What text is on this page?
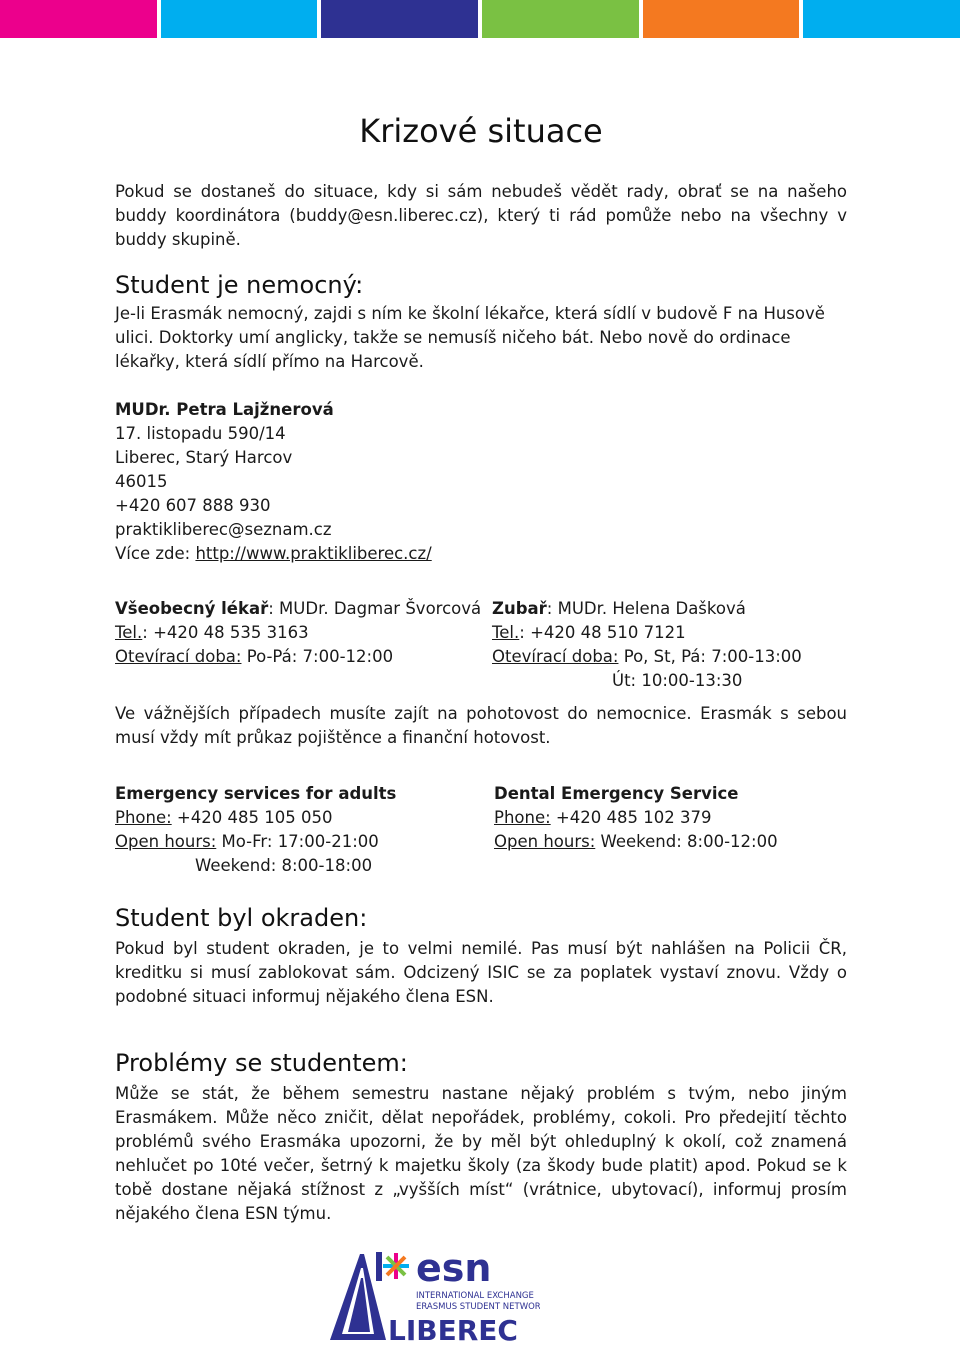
Krizové situace

Pokud se dostaneš do situace, kdy si sám nebudeš vědět rady, obrať se na našeho buddy koordinátora (buddy@esn.liberec.cz), který ti rád pomůže nebo na všechny v buddy skupině.

Student je nemocný:

Je-li Erasmák nemocný, zajdi s ním ke školní lékařce, která sídlí v budově F na Husově ulici. Doktorky umí anglicky, takže se nemusíš ničeho bát. Nebo nově do ordinace lékařky, která sídlí přímo na Harcově.

MUDr. Petra Lajžnerová
17. listopadu 590/14
Liberec, Starý Harcov
46015
+420 607 888 930
praktikliberec@seznam.cz
Více zde: http://www.praktikliberec.cz/
Všeobecný lékař: MUDr. Dagmar Švorcová
Tel.: +420 48 535 3163
Otevírací doba: Po-Pá: 7:00-12:00
Zubař: MUDr. Helena Dašková
Tel.: +420 48 510 7121
Otevírací doba: Po, St, Pá: 7:00-13:00
Út: 10:00-13:30

Ve vážnějších případech musíte zajít na pohotovost do nemocnice. Erasmák s sebou musí vždy mít průkaz pojištěnce a finanční hotovost.

Emergency services for adults
Phone: +420 485 105 050
Open hours: Mo-Fr: 17:00-21:00
Weekend: 8:00-18:00
Dental Emergency Service
Phone: +420 485 102 379
Open hours: Weekend: 8:00-12:00
Student byl okraden:

Pokud byl student okraden, je to velmi nemilé. Pas musí být nahlášen na Policii ČR, kreditku si musí zablokovat sám. Odcizený ISIC se za poplatek vystaví znovu. Vždy o podobné situaci informuj nějakého člena ESN.

Problémy se studentem:

Může se stát, že během semestru nastane nějaký problém s tvým, nebo jiným Erasmákem. Může něco zničit, dělat nepořádek, problémy, cokoli. Pro předejití těchto problémů svého Erasmáka upozorni, že by měl být ohleduplný k okolí, což znamená nehlučet po 10té večer, šetrný k majetku školy (za škody bude platit) apod. Pokud se k tobě dostane nějaká stížnost z „vyšších míst“ (vrátnice, ubytovací), informuj prosím nějakého člena ESN týmu.

esn
INTERNATIONAL EXCHANGE
ERASMUS STUDENT NETWORK
LIBEREC
